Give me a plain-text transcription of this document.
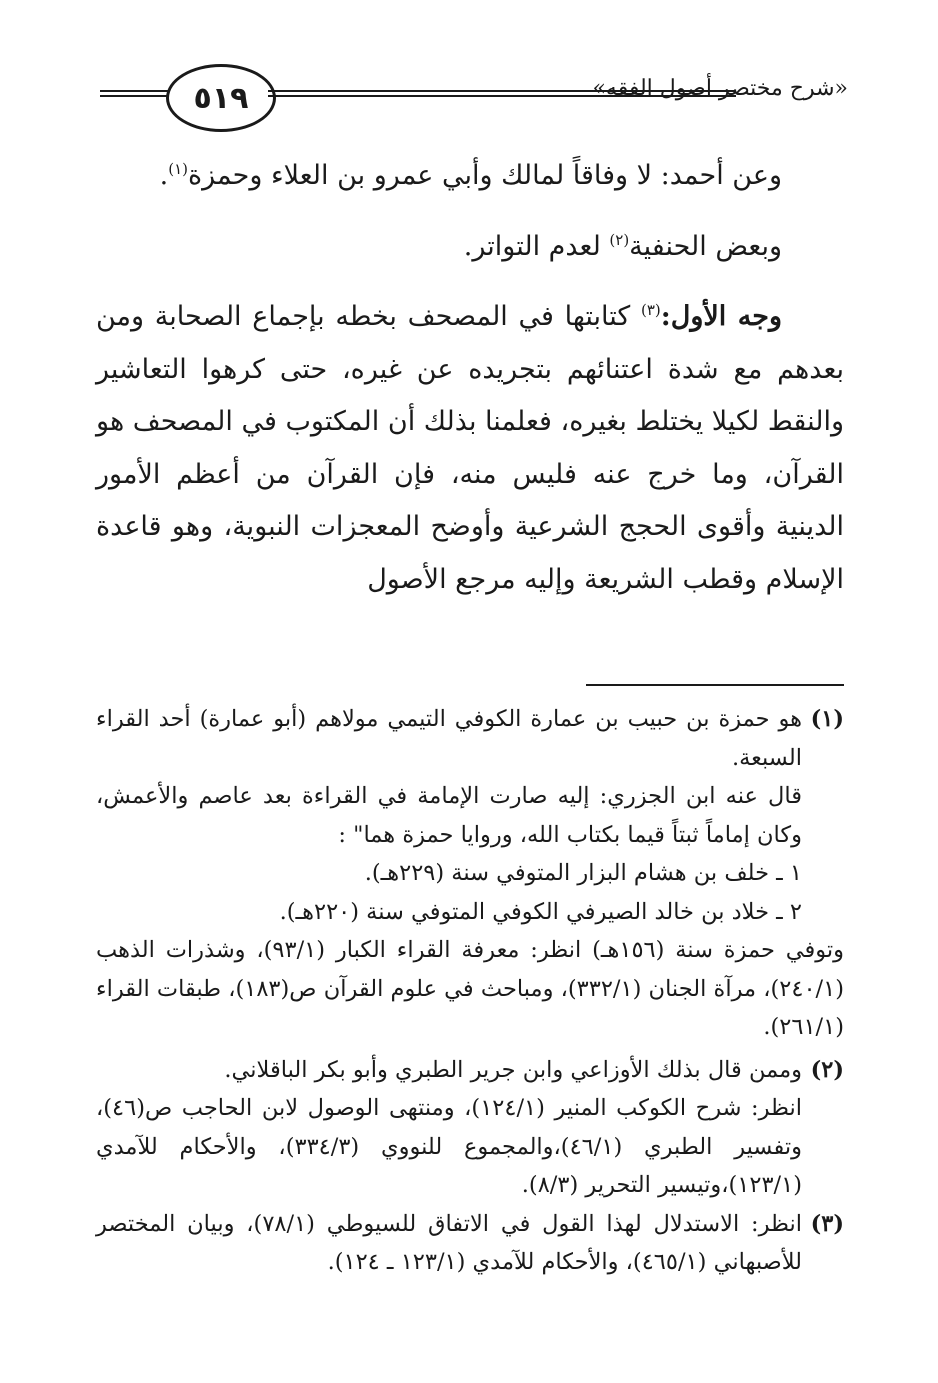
٥١٩	«شرح مختصر أصول الفقه»

وعن أحمد: لا وفاقاً لمالك وأبي عمرو بن العلاء وحمزة$^{(١)}$.

وبعض الحنفية$^{(٢)}$ لعدم التواتر.

وجه الأول:$^{(٣)}$ كتابتها في المصحف بخطه بإجماع الصحابة ومن بعدهم مع شدة اعتنائهم بتجريده عن غيره، حتى كرهوا التعاشير والنقط لكيلا يختلط بغيره، فعلمنا بذلك أن المكتوب في المصحف هو القرآن، وما خرج عنه فليس منه، فإن القرآن من أعظم الأمور الدينية وأقوى الحجج الشرعية وأوضح المعجزات النبوية، وهو قاعدة الإسلام وقطب الشريعة وإليه مرجع الأصول

(١)
هو حمزة بن حبيب بن عمارة الكوفي التيمي مولاهم (أبو عمارة) أحد القراء السبعة.
قال عنه ابن الجزري: إليه صارت الإمامة في القراءة بعد عاصم والأعمش، وكان إماماً ثبتاً قيما بكتاب الله، وروايا حمزة هما" :
١ ـ خلف بن هشام البزار المتوفي سنة (٢٢٩هـ).
٢ ـ خلاد بن خالد الصيرفي الكوفي المتوفي سنة (٢٢٠هـ).
وتوفي حمزة سنة (١٥٦هـ) انظر: معرفة القراء الكبار (٩٣/١)، وشذرات الذهب (٢٤٠/١)، مرآة الجنان (٣٣٢/١)، ومباحث في علوم القرآن ص(١٨٣)، طبقات القراء (٢٦١/١).
(٢)
وممن قال بذلك الأوزاعي وابن جرير الطبري وأبو بكر الباقلاني.
انظر: شرح الكوكب المنير (١٢٤/١)، ومنتهى الوصول لابن الحاجب ص(٤٦)، وتفسير الطبري (٤٦/١)،والمجموع للنووي (٣٣٤/٣)، والأحكام للآمدي (١٢٣/١)،وتيسير التحرير (٨/٣).
(٣)
انظر: الاستدلال لهذا القول في الاتفاق للسيوطي (٧٨/١)، وبيان المختصر للأصبهاني (٤٦٥/١)، والأحكام للآمدي (١٢٣/١ ـ ١٢٤).
